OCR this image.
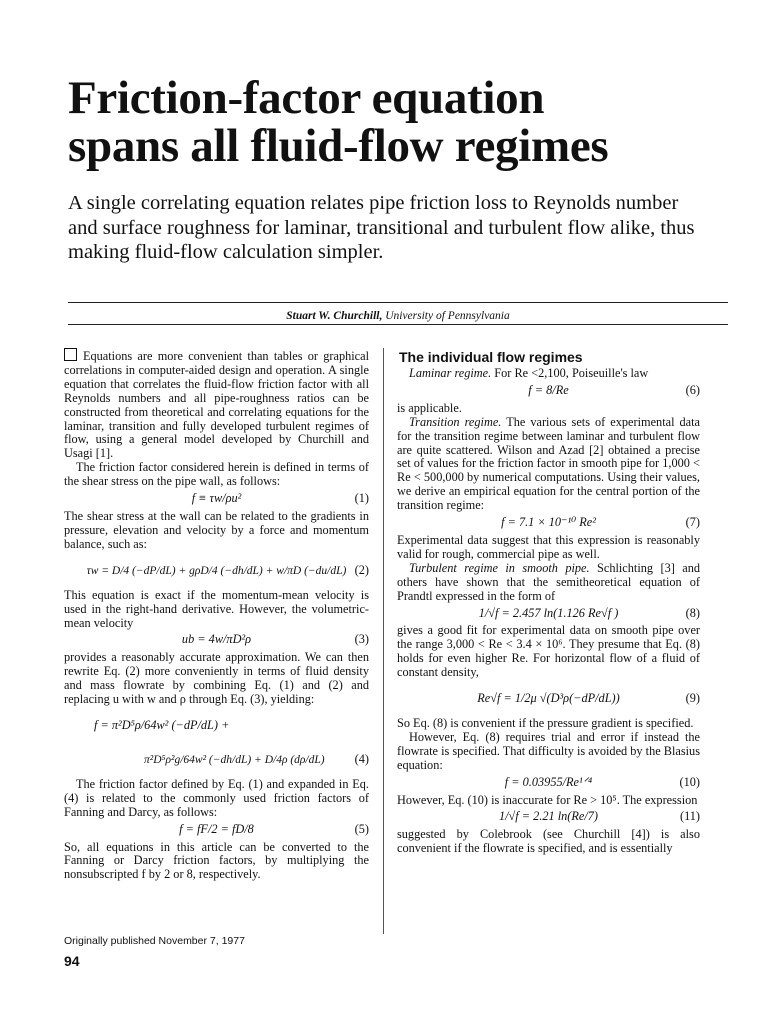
Friction-factor equation
spans all fluid-flow regimes
A single correlating equation relates pipe friction loss to Reynolds number and surface roughness for laminar, transitional and turbulent flow alike, thus making fluid-flow calculation simpler.
Stuart W. Churchill, University of Pennsylvania

Equations are more convenient than tables or graphical correlations in computer-aided design and operation. A single equation that correlates the fluid-flow friction factor with all Reynolds numbers and all pipe-roughness ratios can be constructed from theoretical and correlating equations for the laminar, transition and fully developed turbulent regimes of flow, using a general model developed by Churchill and Usagi [1].

The friction factor considered herein is defined in terms of the shear stress on the pipe wall, as follows:

f ≡ τw/ρu²	(1)

The shear stress at the wall can be related to the gradients in pressure, elevation and velocity by a force and momentum balance, such as:

τw = D/4 (−dP/dL) + gρD/4 (−dh/dL) + w/πD (−du/dL) (2)

This equation is exact if the momentum-mean velocity is used in the right-hand derivative. However, the volumetric-mean velocity

ub = 4w/πD²ρ	(3)

provides a reasonably accurate approximation. We can then rewrite Eq. (2) more conveniently in terms of fluid density and mass flowrate by combining Eq. (1) and (2) and replacing u with w and ρ through Eq. (3), yielding:

f = π²D⁵ρ/64w² (−dP/dL) +
π²D⁵ρ²g/64w² (−dh/dL) + D/4ρ (dρ/dL) (4)

The friction factor defined by Eq. (1) and expanded in Eq. (4) is related to the commonly used friction factors of Fanning and Darcy, as follows:

f = fF/2 = fD/8	(5)

So, all equations in this article can be converted to the Fanning or Darcy friction factors, by multiplying the nonsubscripted f by 2 or 8, respectively.

The individual flow regimes

Laminar regime. For Re <2,100, Poiseuille's law

f = 8/Re	(6)

is applicable.

Transition regime. The various sets of experimental data for the transition regime between laminar and turbulent flow are quite scattered. Wilson and Azad [2] obtained a precise set of values for the friction factor in smooth pipe for 1,000 < Re < 500,000 by numerical computations. Using their values, we derive an empirical equation for the central portion of the transition regime:

f = 7.1 × 10⁻¹⁰ Re²	(7)

Experimental data suggest that this expression is reasonably valid for rough, commercial pipe as well.

Turbulent regime in smooth pipe. Schlichting [3] and others have shown that the semitheoretical equation of Prandtl expressed in the form of

1/√f = 2.457 ln(1.126 Re√f )	(8)

gives a good fit for experimental data on smooth pipe over the range 3,000 < Re < 3.4 × 10⁶. They presume that Eq. (8) holds for even higher Re. For horizontal flow of a fluid of constant density,

Re√f = 1/2μ √(D³ρ(−dP/dL))	(9)

So Eq. (8) is convenient if the pressure gradient is specified.

However, Eq. (8) requires trial and error if instead the flowrate is specified. That difficulty is avoided by the Blasius equation:

f = 0.03955/Re¹ᐟ⁴	(10)

However, Eq. (10) is inaccurate for Re > 10⁵. The expression

1/√f = 2.21 ln(Re/7)	(11)

suggested by Colebrook (see Churchill [4]) is also convenient if the flowrate is specified, and is essentially

Originally published November 7, 1977
94
